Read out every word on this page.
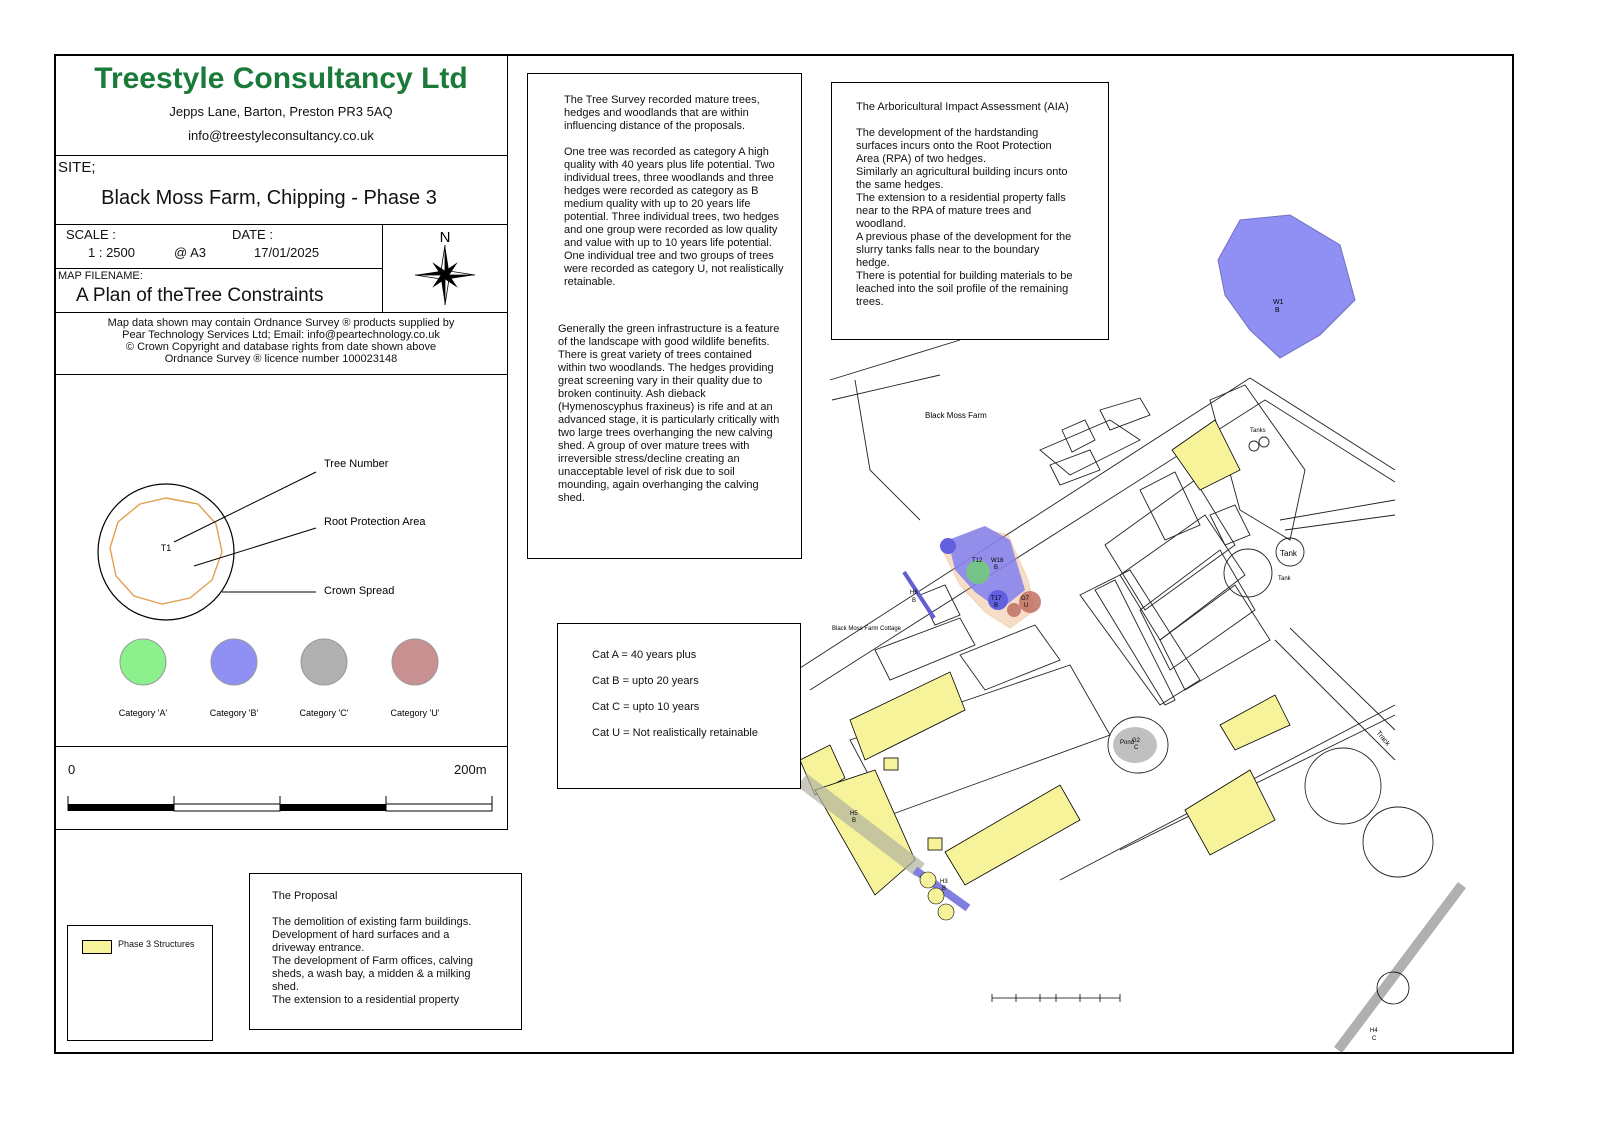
Treestyle Consultancy Ltd
Jepps Lane, Barton, Preston PR3 5AQ
info@treestyleconsultancy.co.uk
SITE;
Black Moss Farm, Chipping - Phase 3
SCALE :
1 : 2500	@ A3
DATE :
17/01/2025
MAP FILENAME:
A Plan of theTree Constraints
N
Map data shown may contain Ordnance Survey ® products supplied by
Pear Technology Services Ltd; Email: info@peartechnology.co.uk
© Crown Copyright and database rights from date shown above
Ordnance Survey ® licence number 100023148
T1
Tree Number
Root Protection Area
Crown Spread
Category 'A'	Category 'B'	Category 'C'	Category 'U'
0	200m
Phase 3 Structures
The Proposal
The demolition of existing farm buildings.
Development of hard surfaces and a
driveway entrance.
The development of Farm offices, calving
sheds, a wash bay, a midden & a milking
shed.
The extension to a residential property
W1
B
H5
B
H3
B
H4
C
H6
B
W18
B
T12
T17
B
G7
U
Pond
G2
C
Black Moss Farm
Black Moss Farm Cottage
Tanks
Tank
Tank
Track

The Tree Survey recorded mature trees, hedges and woodlands that are within influencing distance of the proposals.

One tree was recorded as category A high quality with 40 years plus life potential. Two individual trees, three woodlands and three hedges were recorded as category as B medium quality with up to 20 years life potential. Three individual trees, two hedges and one group were recorded as low quality and value with up to 10 years life potential. One individual tree and two groups of trees were recorded as category U, not realistically retainable.

Generally the green infrastructure is a feature of the landscape with good wildlife benefits. There is great variety of trees contained within two woodlands. The hedges providing great screening vary in their quality due to broken continuity. Ash dieback (Hymenoscyphus fraxineus) is rife and at an advanced stage, it is particularly critically with two large trees overhanging the new calving shed. A group of over mature trees with irreversible stress/decline creating an unacceptable level of risk due to soil mounding, again overhanging the calving shed.

The Arboricultural Impact Assessment (AIA)
The development of the hardstanding
surfaces incurs onto the Root Protection
Area (RPA) of two hedges.
Similarly an agricultural building incurs onto
the same hedges.
The extension to a residential property falls
near to the RPA of mature trees and
woodland.
A previous phase of the development for the
slurry tanks falls near to the boundary
hedge.
There is potential for building materials to be
leached into the soil profile of the remaining
trees.
Cat A = 40 years plus
Cat B = upto 20 years
Cat C = upto 10 years
Cat U = Not realistically retainable
